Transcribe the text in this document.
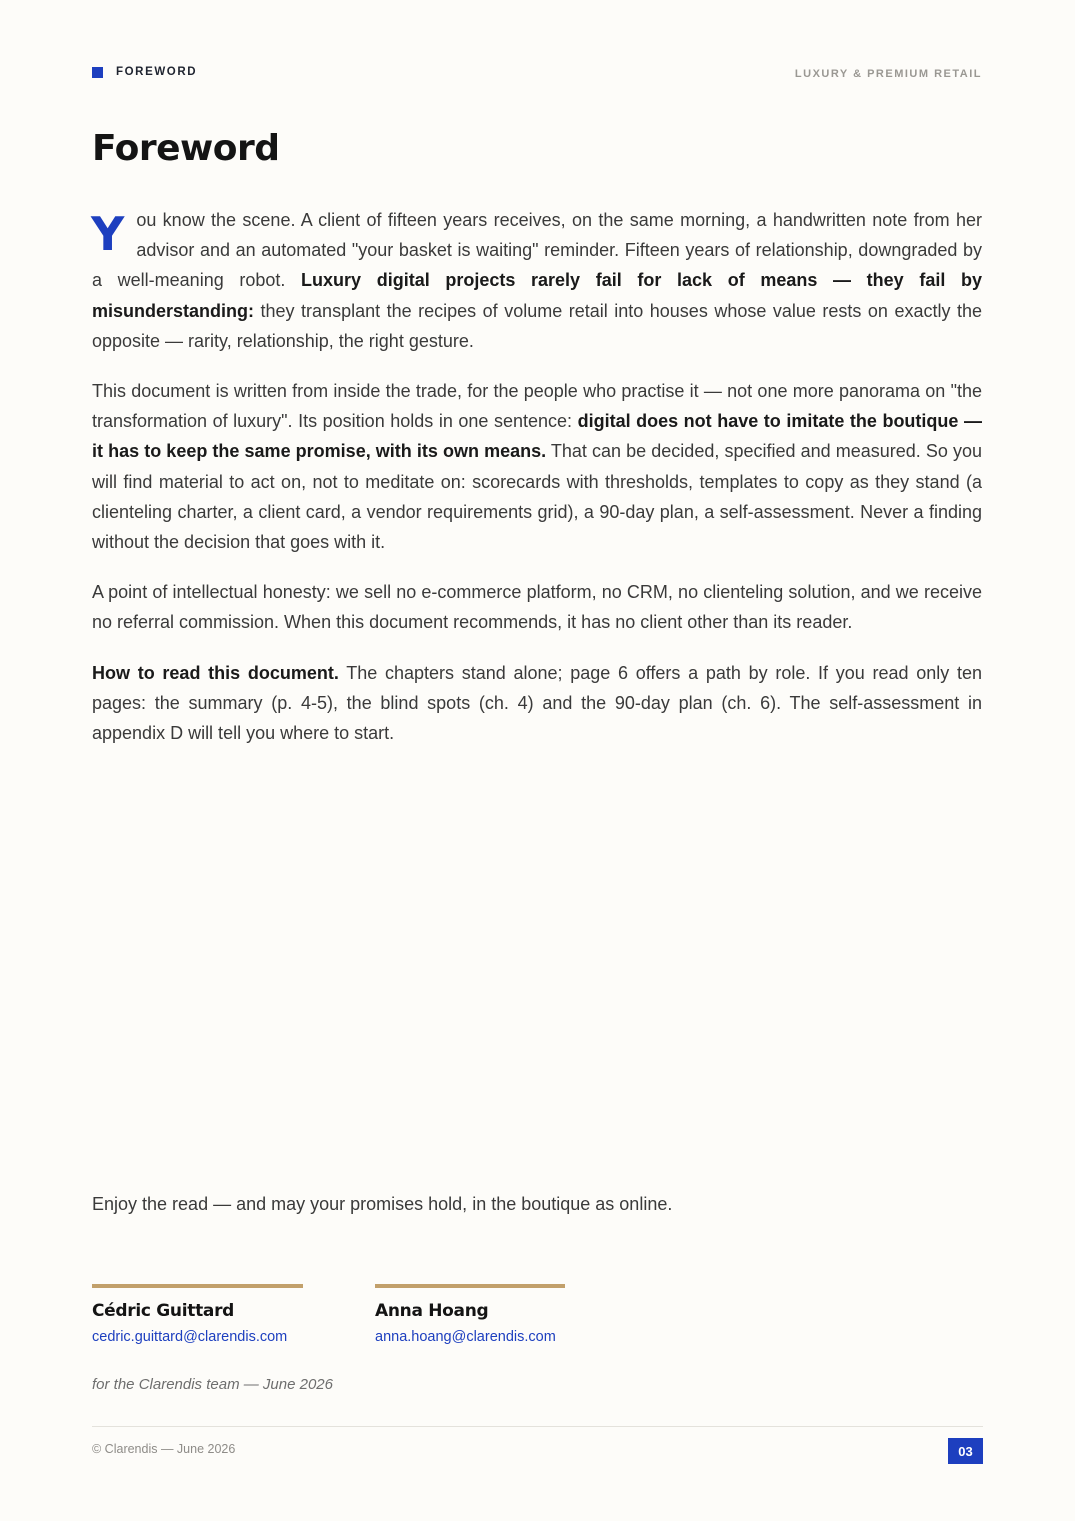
FOREWORD	LUXURY & PREMIUM RETAIL
Foreword

You know the scene. A client of fifteen years receives, on the same morning, a handwritten note from her advisor and an automated "your basket is waiting" reminder. Fifteen years of relationship, downgraded by a well-meaning robot. Luxury digital projects rarely fail for lack of means — they fail by misunderstanding: they transplant the recipes of volume retail into houses whose value rests on exactly the opposite — rarity, relationship, the right gesture.

This document is written from inside the trade, for the people who practise it — not one more panorama on "the transformation of luxury". Its position holds in one sentence: digital does not have to imitate the boutique — it has to keep the same promise, with its own means. That can be decided, specified and measured. So you will find material to act on, not to meditate on: scorecards with thresholds, templates to copy as they stand (a clienteling charter, a client card, a vendor requirements grid), a 90-day plan, a self-assessment. Never a finding without the decision that goes with it.

A point of intellectual honesty: we sell no e-commerce platform, no CRM, no clienteling solution, and we receive no referral commission. When this document recommends, it has no client other than its reader.

How to read this document. The chapters stand alone; page 6 offers a path by role. If you read only ten pages: the summary (p. 4-5), the blind spots (ch. 4) and the 90-day plan (ch. 6). The self-assessment in appendix D will tell you where to start.

Enjoy the read — and may your promises hold, in the boutique as online.
Cédric Guittard
cedric.guittard@clarendis.com
Anna Hoang
anna.hoang@clarendis.com
for the Clarendis team — June 2026
© Clarendis — June 2026	03
